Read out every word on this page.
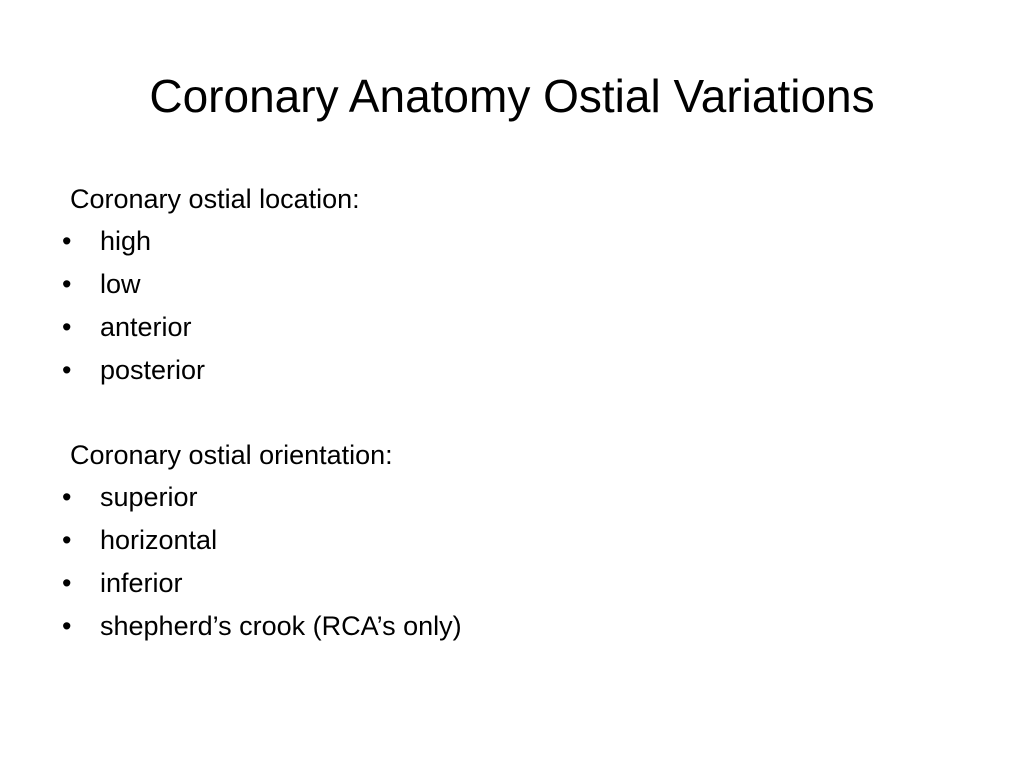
Coronary Anatomy Ostial Variations

Coronary ostial location:

•	high
•	low
•	anterior
•	posterior

Coronary ostial orientation:

•	superior
•	horizontal
•	inferior
•	shepherd’s crook (RCA’s only)
